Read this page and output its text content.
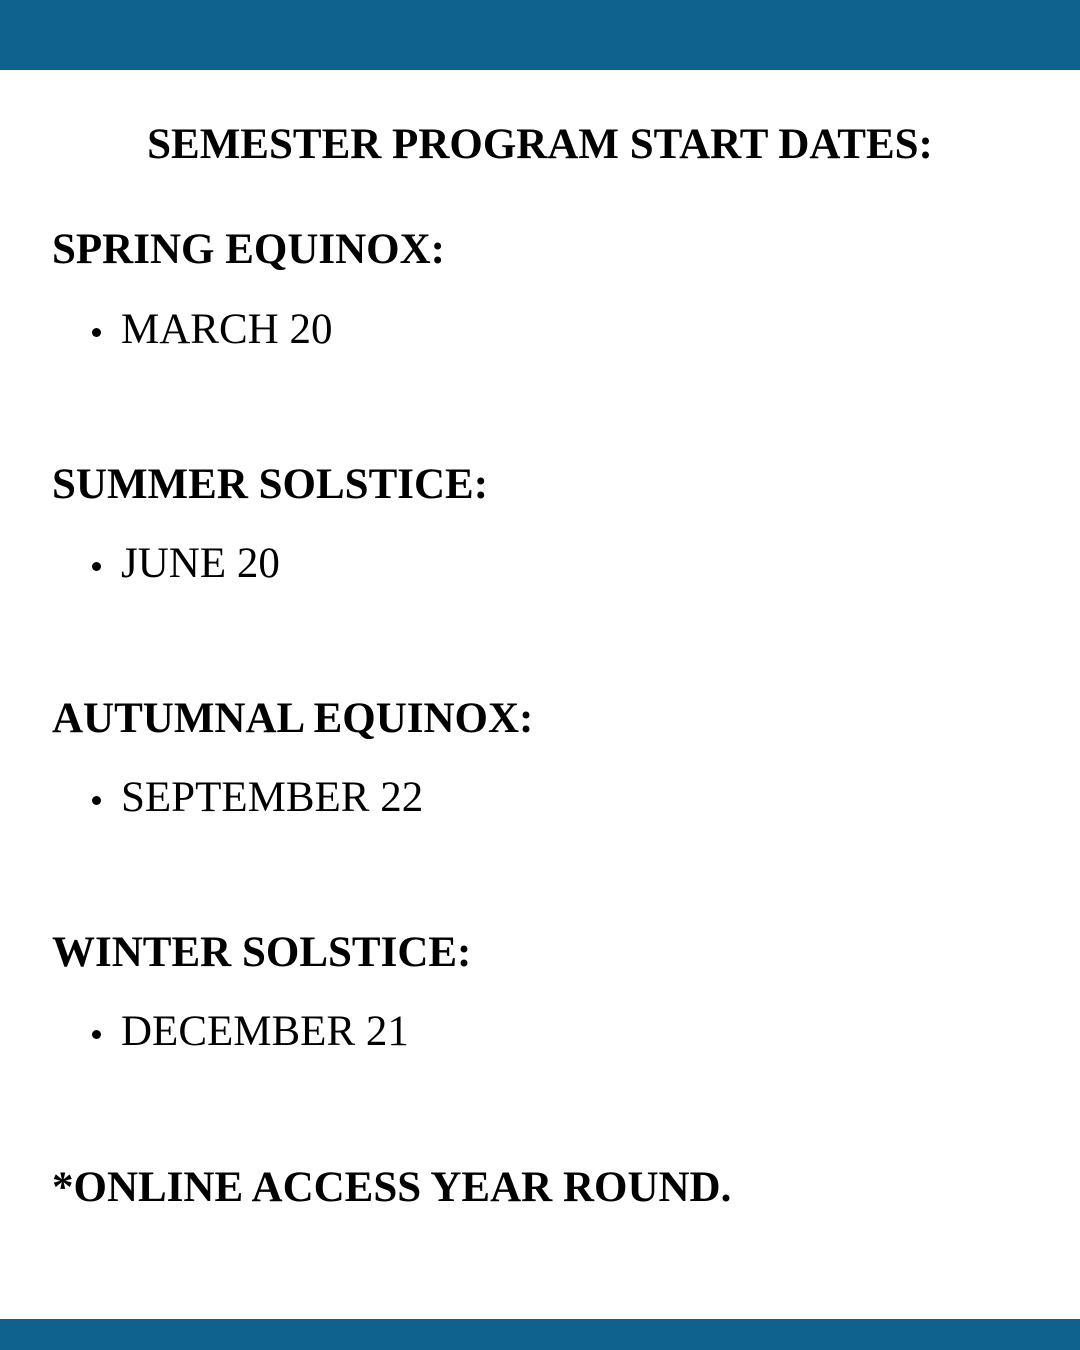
SEMESTER PROGRAM START DATES:
SPRING EQUINOX:
MARCH 20
SUMMER SOLSTICE:
JUNE 20
AUTUMNAL EQUINOX:
SEPTEMBER 22
WINTER SOLSTICE:
DECEMBER 21

*ONLINE ACCESS YEAR ROUND.
